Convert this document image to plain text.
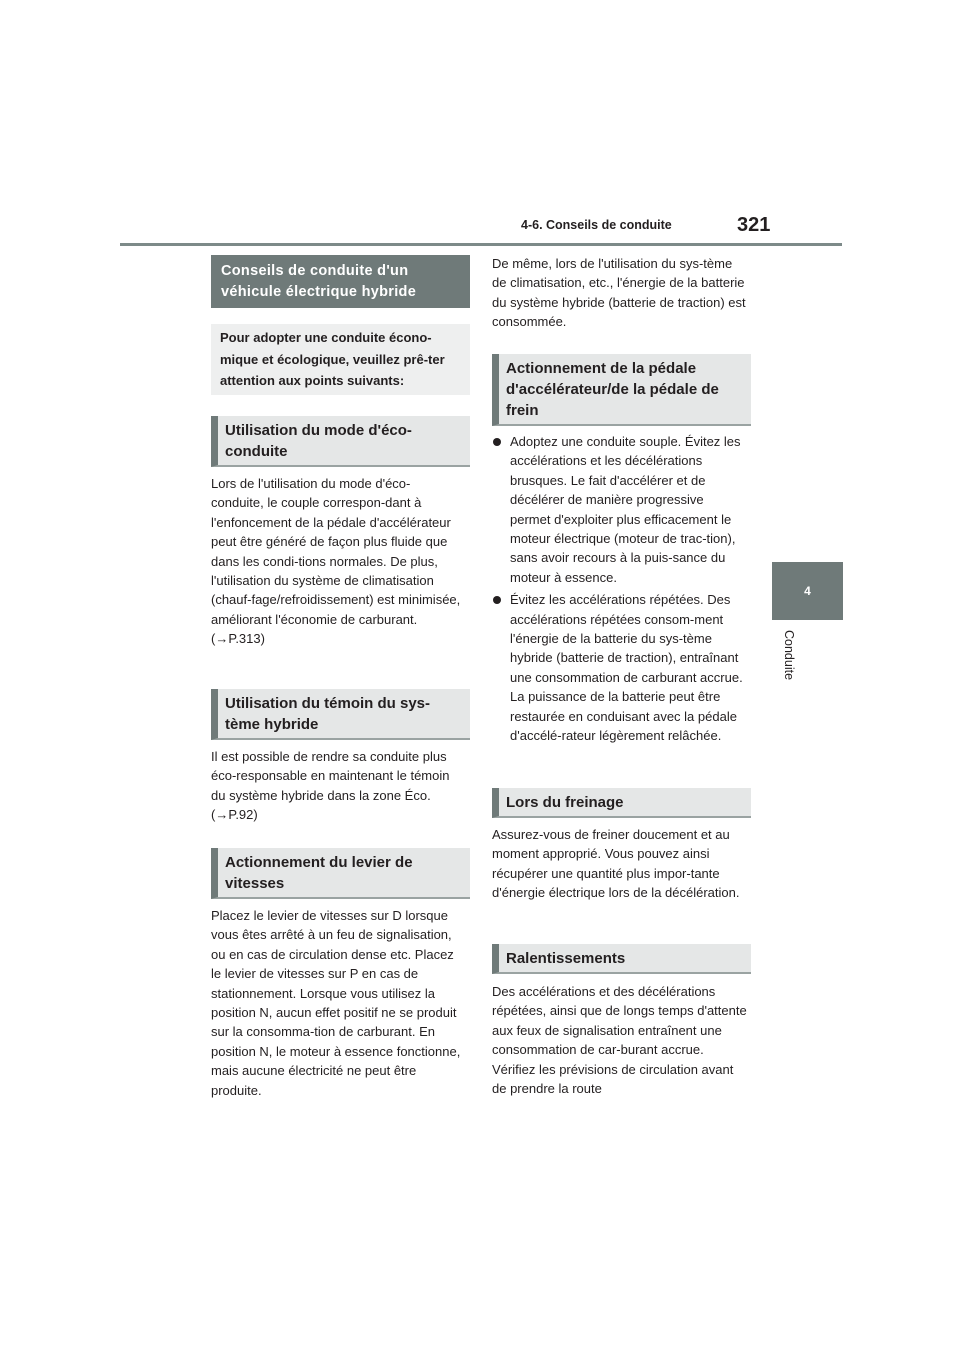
4-6. Conseils de conduite	321
4
Conduite
Conseils de conduite d'un véhicule électrique hybride
Pour adopter une conduite écono-mique et écologique, veuillez prê-ter attention aux points suivants:
Utilisation du mode d'éco-conduite

Lors de l'utilisation du mode d'éco-conduite, le couple correspon-dant à l'enfoncement de la pédale d'accélérateur peut être généré de façon plus fluide que dans les condi-tions normales. De plus, l'utilisation du système de climatisation (chauf-fage/refroidissement) est minimisée, améliorant l'économie de carburant. (→P.313)

Utilisation du témoin du sys-tème hybride

Il est possible de rendre sa conduite plus éco-responsable en maintenant le témoin du système hybride dans la zone Éco. (→P.92)

Actionnement du levier de vitesses

Placez le levier de vitesses sur D lorsque vous êtes arrêté à un feu de signalisation, ou en cas de circulation dense etc. Placez le levier de vitesses sur P en cas de stationnement. Lorsque vous utilisez la position N, aucun effet positif ne se produit sur la consomma-tion de carburant. En position N, le moteur à essence fonctionne, mais aucune électricité ne peut être produite.

De même, lors de l'utilisation du sys-tème de climatisation, etc., l'énergie de la batterie du système hybride (batterie de traction) est consommée.

Actionnement de la pédale d'accélérateur/de la pédale de frein
Adoptez une conduite souple. Évitez les accélérations et les décélérations brusques. Le fait d'accélérer et de décélérer de manière progressive permet d'exploiter plus efficacement le moteur électrique (moteur de trac-tion), sans avoir recours à la puis-sance du moteur à essence.
Évitez les accélérations répétées. Des accélérations répétées consom-ment l'énergie de la batterie du sys-tème hybride (batterie de traction), entraînant une consommation de carburant accrue. La puissance de la batterie peut être restaurée en conduisant avec la pédale d'accélé-rateur légèrement relâchée.
Lors du freinage

Assurez-vous de freiner doucement et au moment approprié. Vous pouvez ainsi récupérer une quantité plus impor-tante d'énergie électrique lors de la décélération.

Ralentissements

Des accélérations et des décélérations répétées, ainsi que de longs temps d'attente aux feux de signalisation entraînent une consommation de car-burant accrue. Vérifiez les prévisions de circulation avant de prendre la route
